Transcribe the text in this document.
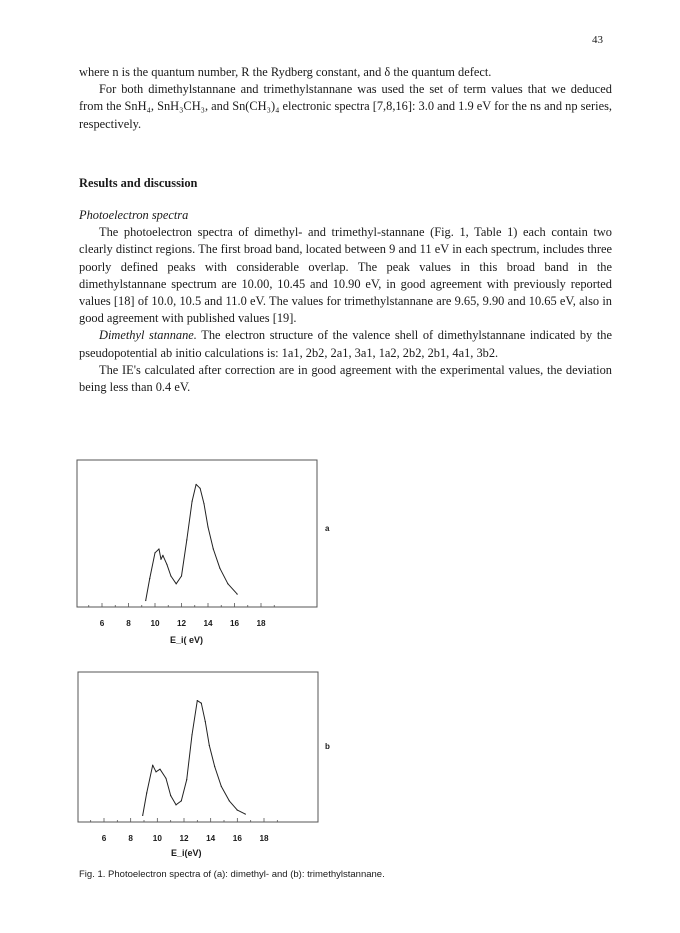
43

where n is the quantum number, R the Rydberg constant, and δ the quantum defect.

For both dimethylstannane and trimethylstannane was used the set of term values that we deduced from the SnH₄, SnH₃CH₃, and Sn(CH₃)₄ electronic spectra [7,8,16]: 3.0 and 1.9 eV for the ns and np series, respectively.

Results and discussion

Photoelectron spectra

The photoelectron spectra of dimethyl- and trimethyl-stannane (Fig. 1, Table 1) each contain two clearly distinct regions. The first broad band, located between 9 and 11 eV in each spectrum, includes three poorly defined peaks with considerable overlap. The peak values in this broad band in the dimethylstannane spectrum are 10.00, 10.45 and 10.90 eV, in good agreement with previously reported values [18] of 10.0, 10.5 and 11.0 eV. The values for trimethylstannane are 9.65, 9.90 and 10.65 eV, also in good agreement with published values [19].

Dimethyl stannane. The electron structure of the valence shell of dimethylstannane indicated by the pseudopotential ab initio calculations is: 1a1, 2b2, 2a1, 3a1, 1a2, 2b2, 2b1, 4a1, 3b2.

The IE's calculated after correction are in good agreement with the experimental values, the deviation being less than 0.4 eV.

6	8 10 12 14 16 18
6	8 10 12 14 16 18
a
b
E_i( eV)
E_i(eV)
Fig. 1. Photoelectron spectra of (a): dimethyl- and (b): trimethylstannane.
